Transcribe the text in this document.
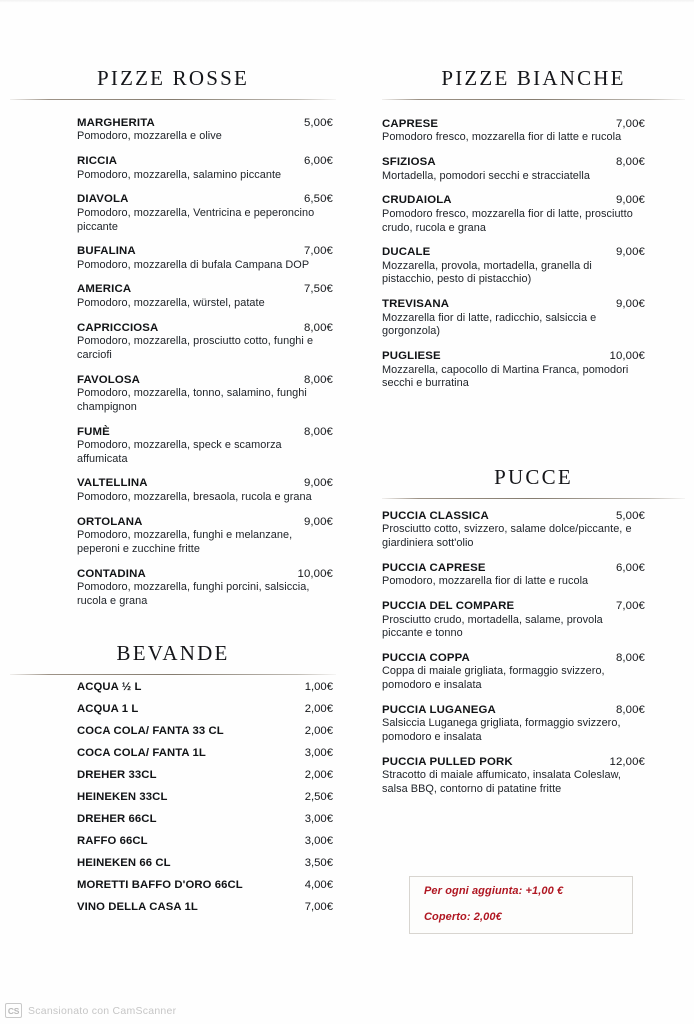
PIZZE ROSSE
MARGHERITA	5,00€
Pomodoro, mozzarella e olive
RICCIA	6,00€
Pomodoro, mozzarella, salamino piccante
DIAVOLA	6,50€
Pomodoro, mozzarella, Ventricina e peperoncino piccante
BUFALINA	7,00€
Pomodoro, mozzarella di bufala Campana DOP
AMERICA	7,50€
Pomodoro, mozzarella, würstel, patate
CAPRICCIOSA	8,00€
Pomodoro, mozzarella, prosciutto cotto, funghi e carciofi
FAVOLOSA	8,00€
Pomodoro, mozzarella, tonno, salamino, funghi champignon
FUMÈ	8,00€
Pomodoro, mozzarella, speck e scamorza affumicata
VALTELLINA	9,00€
Pomodoro, mozzarella, bresaola, rucola e grana
ORTOLANA	9,00€
Pomodoro, mozzarella, funghi e melanzane, peperoni e zucchine fritte
CONTADINA	10,00€
Pomodoro, mozzarella, funghi porcini, salsiccia, rucola e grana
BEVANDE
ACQUA ½ L	1,00€
ACQUA 1 L	2,00€
COCA COLA/ FANTA 33 CL	2,00€
COCA COLA/ FANTA 1L	3,00€
DREHER 33CL	2,00€
HEINEKEN 33CL	2,50€
DREHER 66CL	3,00€
RAFFO 66CL	3,00€
HEINEKEN 66 CL	3,50€
MORETTI BAFFO D'ORO 66CL	4,00€
VINO DELLA CASA 1L	7,00€
PIZZE BIANCHE
CAPRESE	7,00€
Pomodoro fresco, mozzarella fior di latte e rucola
SFIZIOSA	8,00€
Mortadella, pomodori secchi e stracciatella
CRUDAIOLA	9,00€
Pomodoro fresco, mozzarella fior di latte, prosciutto crudo, rucola e grana
DUCALE	9,00€
Mozzarella, provola, mortadella, granella di pistacchio, pesto di pistacchio)
TREVISANA	9,00€
Mozzarella fior di latte, radicchio, salsiccia e gorgonzola)
PUGLIESE	10,00€
Mozzarella, capocollo di Martina Franca, pomodori secchi e burratina
PUCCE
PUCCIA CLASSICA	5,00€
Prosciutto cotto, svizzero, salame dolce/piccante, e giardiniera sott'olio
PUCCIA CAPRESE	6,00€
Pomodoro, mozzarella fior di latte e rucola
PUCCIA DEL COMPARE	7,00€
Prosciutto crudo, mortadella, salame, provola piccante e tonno
PUCCIA COPPA	8,00€
Coppa di maiale grigliata, formaggio svizzero, pomodoro e insalata
PUCCIA LUGANEGA	8,00€
Salsiccia Luganega grigliata, formaggio svizzero, pomodoro e insalata
PUCCIA PULLED PORK	12,00€
Stracotto di maiale affumicato, insalata Coleslaw, salsa BBQ, contorno di patatine fritte
Per ogni aggiunta: +1,00 €
Coperto: 2,00€
CS Scansionato con CamScanner
